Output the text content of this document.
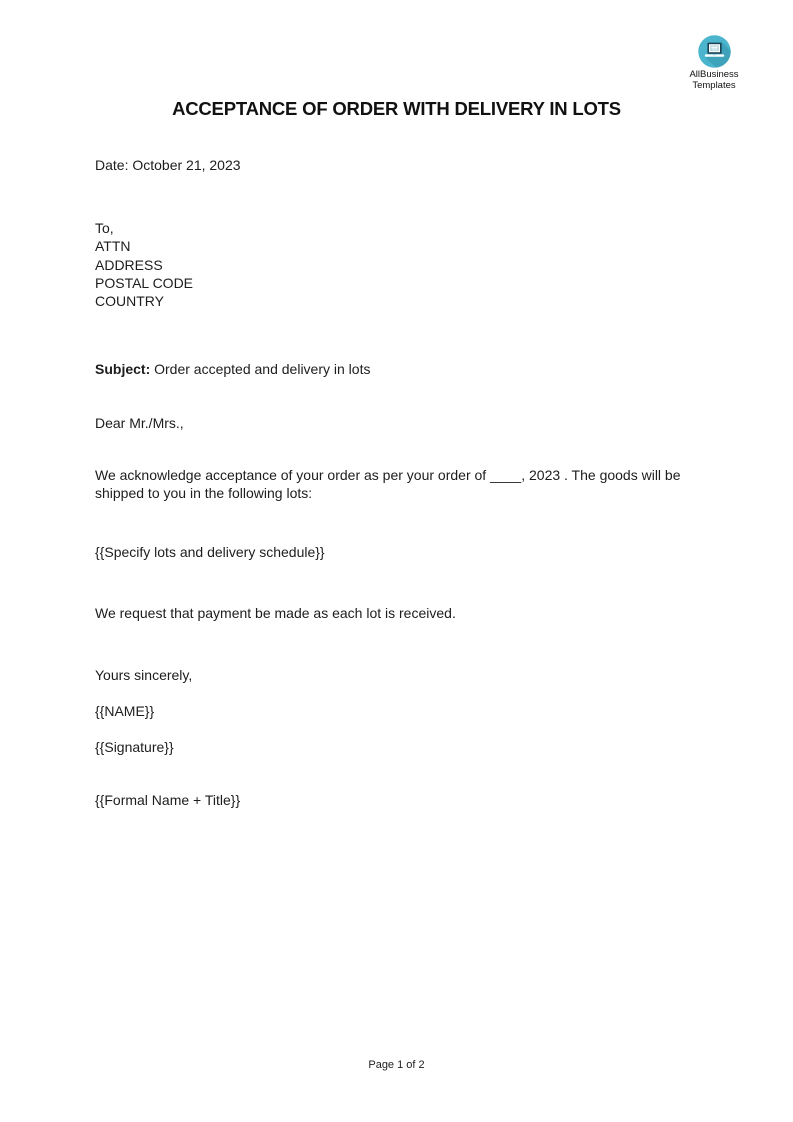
AllBusiness
Templates
ACCEPTANCE OF ORDER WITH DELIVERY IN LOTS
Date: October 21, 2023
To,
ATTN
ADDRESS
POSTAL CODE
COUNTRY
Subject: Order accepted and delivery in lots
Dear Mr./Mrs.,
We acknowledge acceptance of your order as per your order of ____, 2023 . The goods will be
shipped to you in the following lots:
{{Specify lots and delivery schedule}}
We request that payment be made as each lot is received.
Yours sincerely,
{{NAME}}
{{Signature}}
{{Formal Name + Title}}
Page 1 of 2
